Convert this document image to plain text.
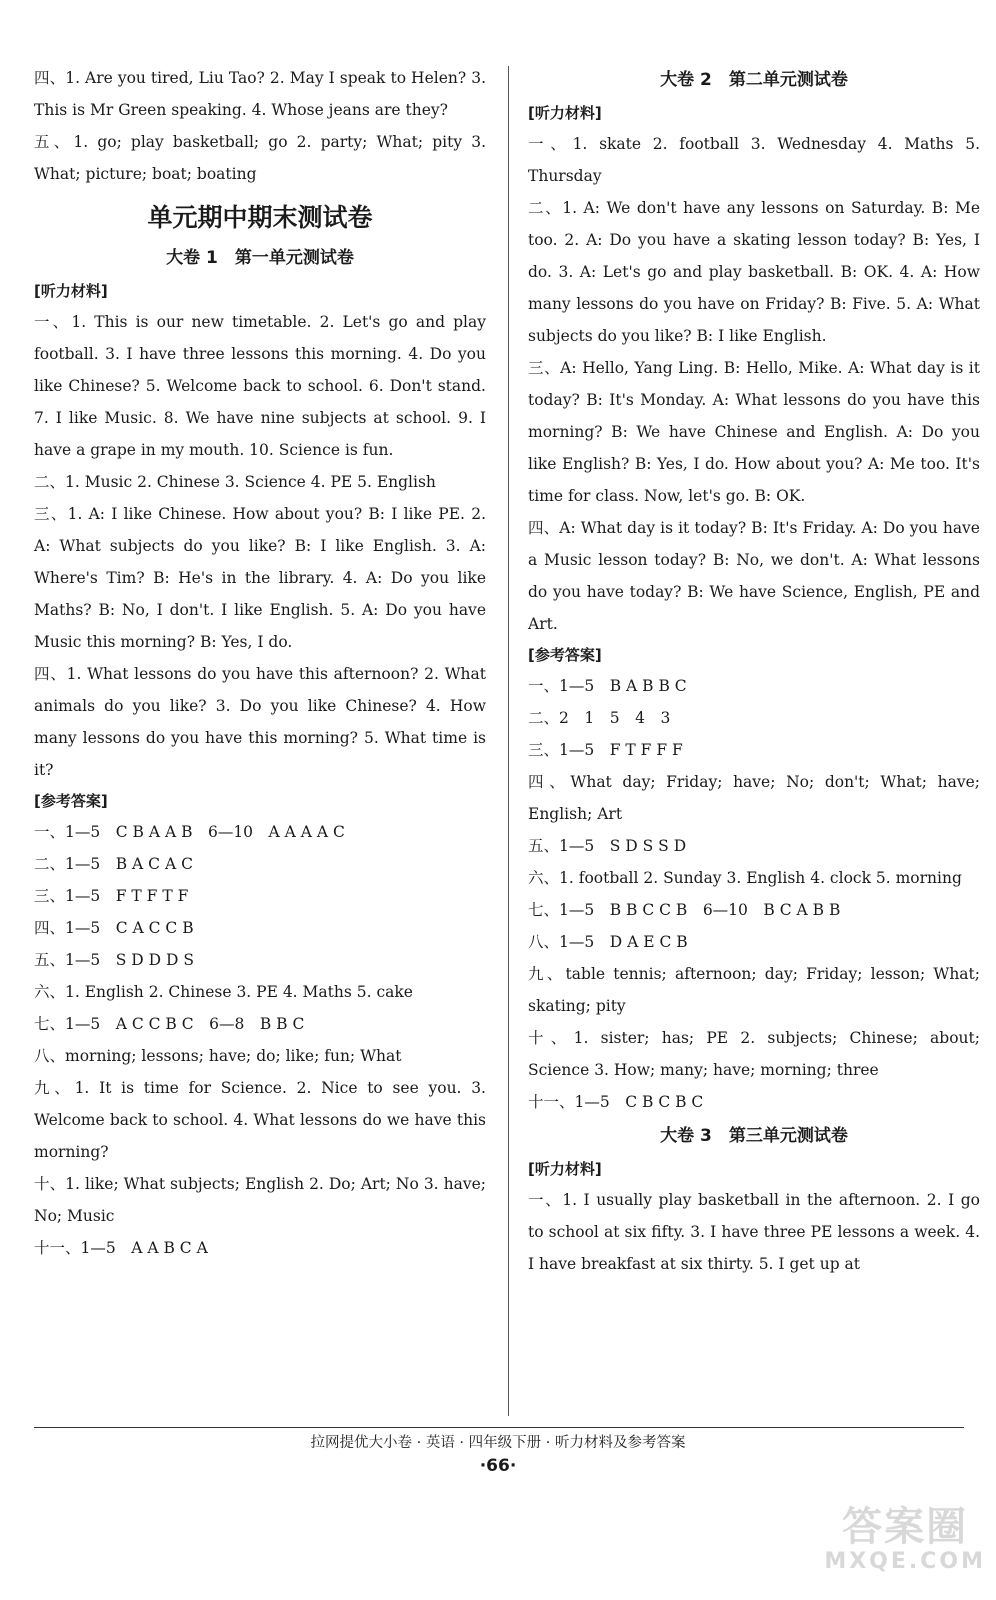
四、1. Are you tired, Liu Tao? 2. May I speak to Helen? 3. This is Mr Green speaking. 4. Whose jeans are they?

五、1. go; play basketball; go 2. party; What; pity 3. What; picture; boat; boating

单元期中期末测试卷

大卷 1　第一单元测试卷

[听力材料]

一、1. This is our new timetable. 2. Let's go and play football. 3. I have three lessons this morning. 4. Do you like Chinese? 5. Welcome back to school. 6. Don't stand. 7. I like Music. 8. We have nine subjects at school. 9. I have a grape in my mouth. 10. Science is fun.

二、1. Music 2. Chinese 3. Science 4. PE 5. English

三、1. A: I like Chinese. How about you? B: I like PE. 2. A: What subjects do you like? B: I like English. 3. A: Where's Tim? B: He's in the library. 4. A: Do you like Maths? B: No, I don't. I like English. 5. A: Do you have Music this morning? B: Yes, I do.

四、1. What lessons do you have this afternoon? 2. What animals do you like? 3. Do you like Chinese? 4. How many lessons do you have this morning? 5. What time is it?

[参考答案]

一、1—5　C B A A B　6—10　A A A A C

二、1—5　B A C A C

三、1—5　F T F T F

四、1—5　C A C C B

五、1—5　S D D D S

六、1. English 2. Chinese 3. PE 4. Maths 5. cake

七、1—5　A C C B C　6—8　B B C

八、morning; lessons; have; do; like; fun; What

九、1. It is time for Science. 2. Nice to see you. 3. Welcome back to school. 4. What lessons do we have this morning?

十、1. like; What subjects; English 2. Do; Art; No 3. have; No; Music

十一、1—5　A A B C A

大卷 2　第二单元测试卷

[听力材料]

一、1. skate 2. football 3. Wednesday 4. Maths 5. Thursday

二、1. A: We don't have any lessons on Saturday. B: Me too. 2. A: Do you have a skating lesson today? B: Yes, I do. 3. A: Let's go and play basketball. B: OK. 4. A: How many lessons do you have on Friday? B: Five. 5. A: What subjects do you like? B: I like English.

三、A: Hello, Yang Ling. B: Hello, Mike. A: What day is it today? B: It's Monday. A: What lessons do you have this morning? B: We have Chinese and English. A: Do you like English? B: Yes, I do. How about you? A: Me too. It's time for class. Now, let's go. B: OK.

四、A: What day is it today? B: It's Friday. A: Do you have a Music lesson today? B: No, we don't. A: What lessons do you have today? B: We have Science, English, PE and Art.

[参考答案]

一、1—5　B A B B C

二、2　1　5　4　3

三、1—5　F T F F F

四、What day; Friday; have; No; don't; What; have; English; Art

五、1—5　S D S S D

六、1. football 2. Sunday 3. English 4. clock 5. morning

七、1—5　B B C C B　6—10　B C A B B

八、1—5　D A E C B

九、table tennis; afternoon; day; Friday; lesson; What; skating; pity

十、1. sister; has; PE 2. subjects; Chinese; about; Science 3. How; many; have; morning; three

十一、1—5　C B C B C

大卷 3　第三单元测试卷

[听力材料]

一、1. I usually play basketball in the afternoon. 2. I go to school at six fifty. 3. I have three PE lessons a week. 4. I have breakfast at six thirty. 5. I get up at

拉网提优大小卷 · 英语 · 四年级下册 · 听力材料及参考答案
·66·
答案圈
MXQE.COM
